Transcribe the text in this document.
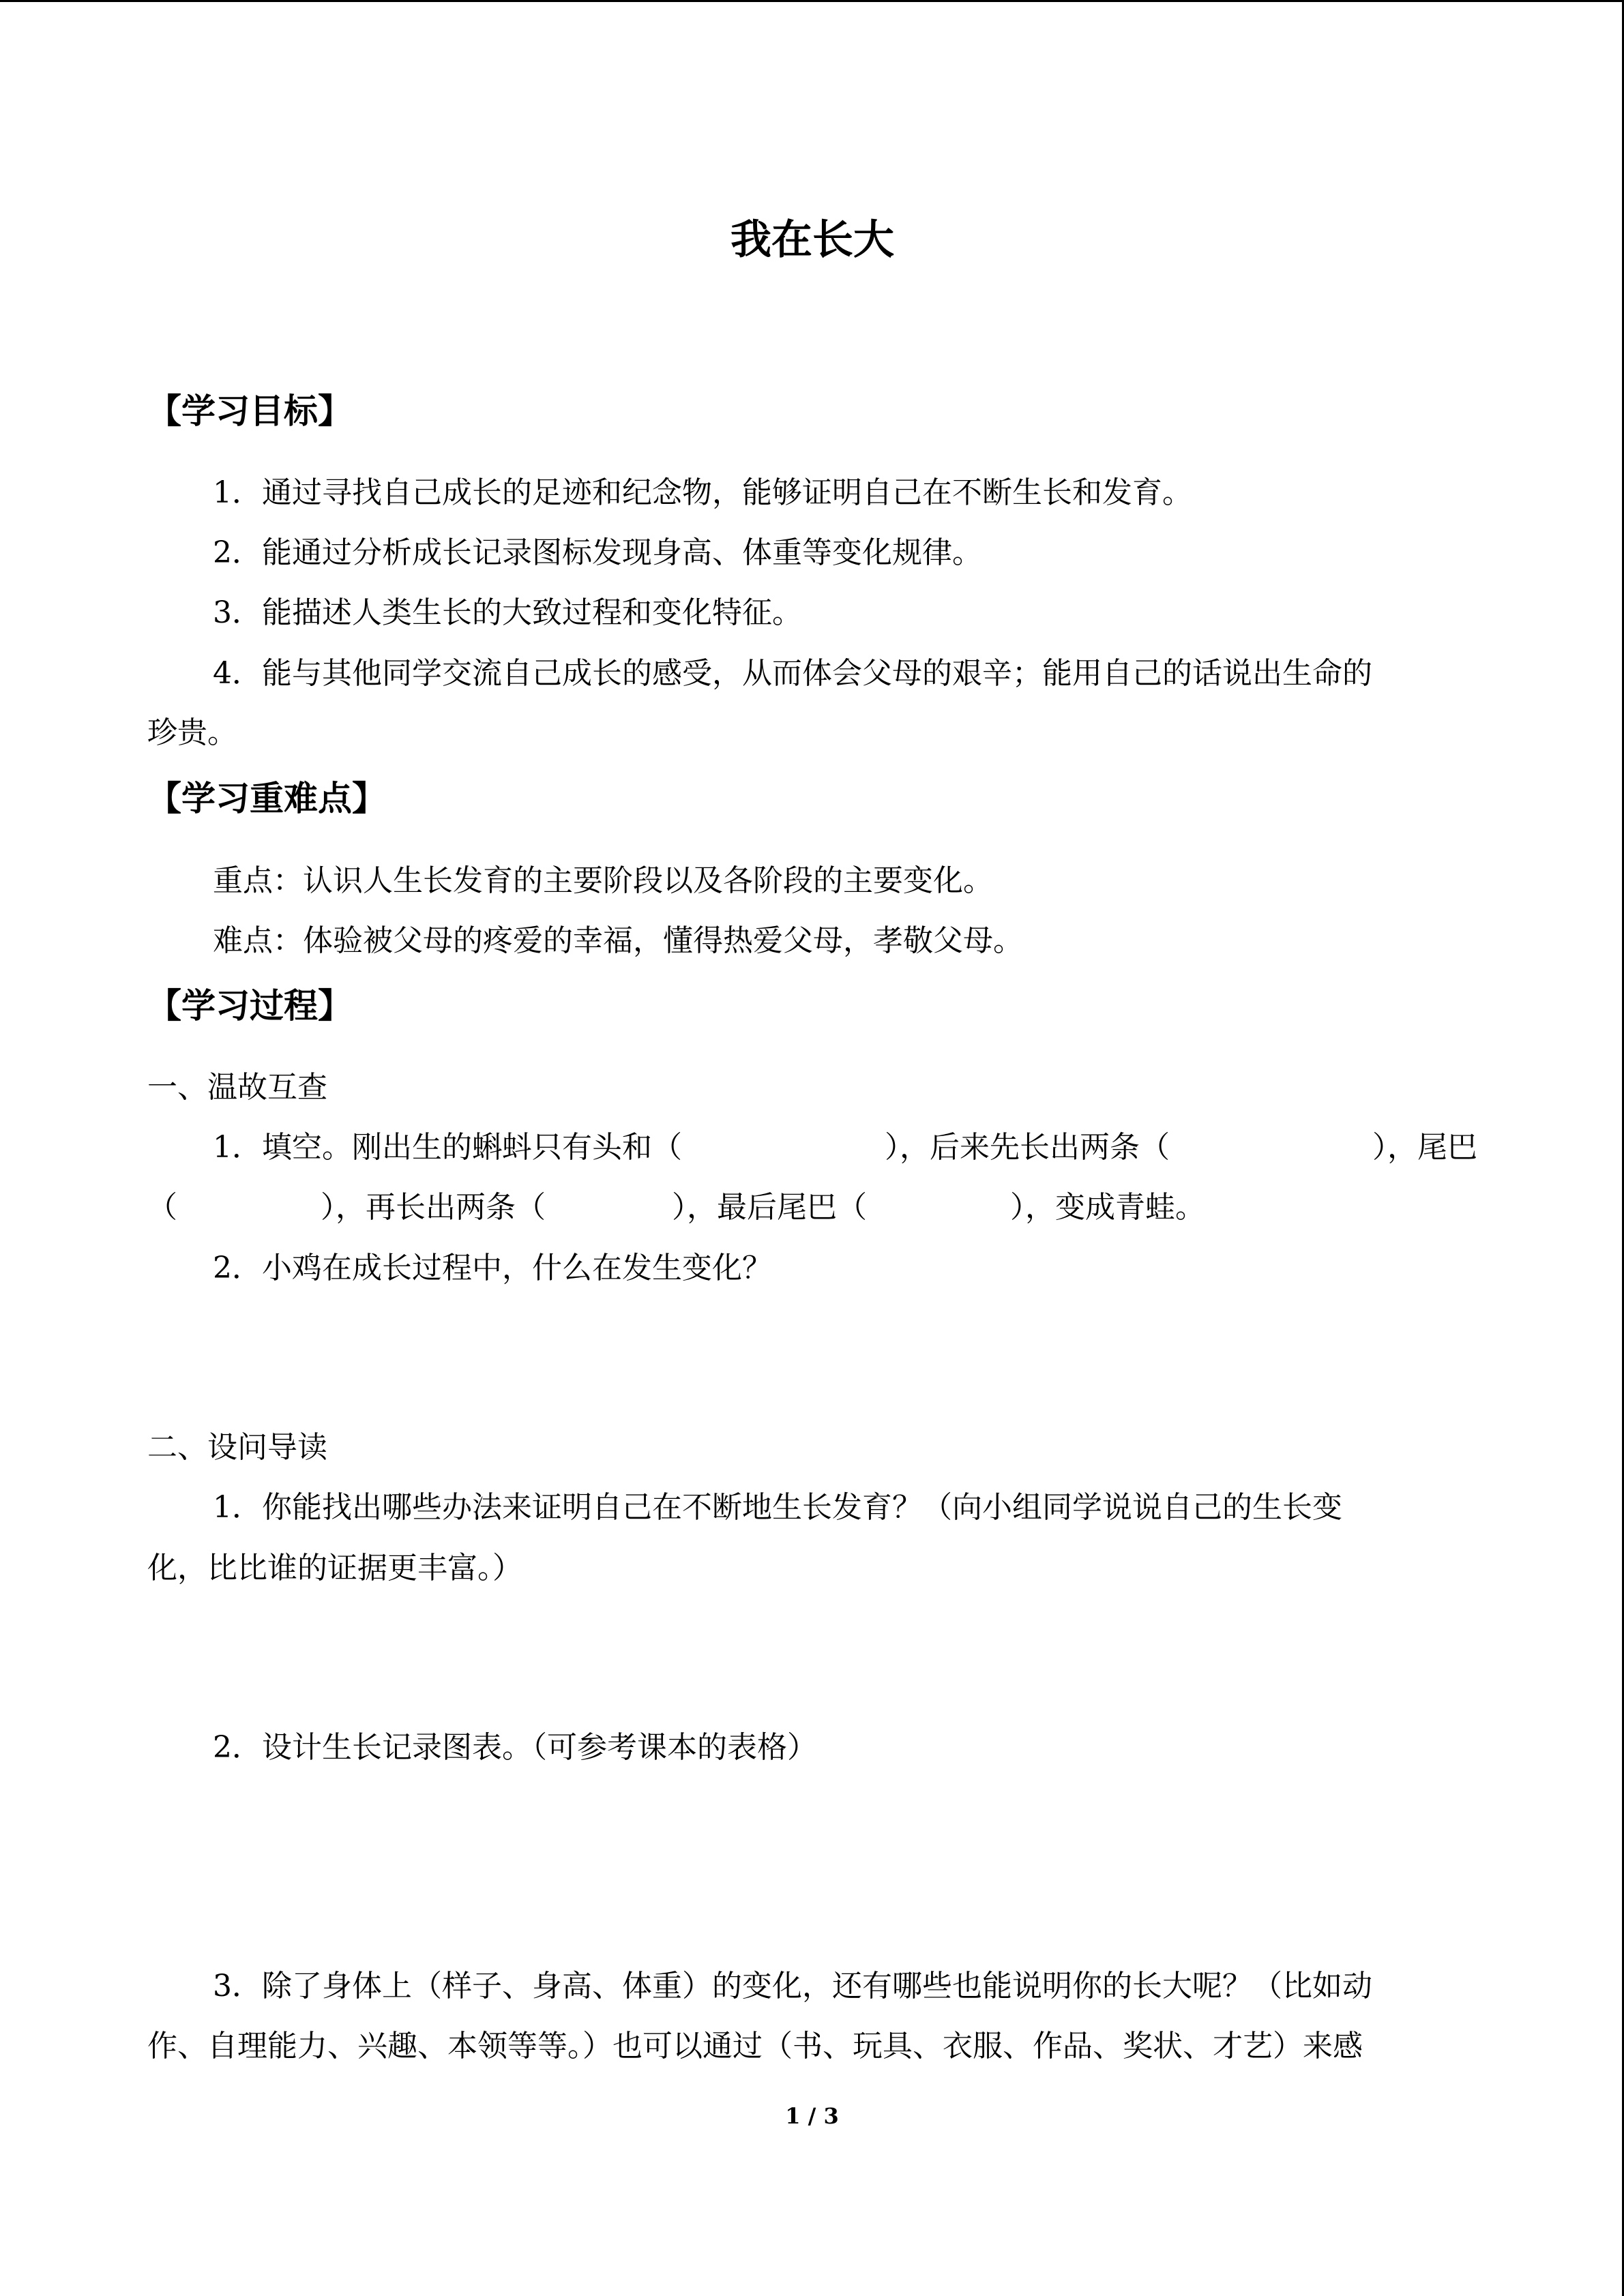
我在长大
【学习目标】
1．通过寻找自己成长的足迹和纪念物，能够证明自己在不断生长和发育。
2．能通过分析成长记录图标发现身高、体重等变化规律。
3．能描述人类生长的大致过程和变化特征。
4．能与其他同学交流自己成长的感受，从而体会父母的艰辛；能用自己的话说出生命的
珍贵。
【学习重难点】
重点：认识人生长发育的主要阶段以及各阶段的主要变化。
难点：体验被父母的疼爱的幸福，懂得热爱父母，孝敬父母。
【学习过程】
一、温故互查
1．填空。刚出生的蝌蚪只有头和（	），后来先长出两条（	），尾巴
（	），再长出两条（	），最后尾巴（	），变成青蛙。
2．小鸡在成长过程中，什么在发生变化？
二、设问导读
1．你能找出哪些办法来证明自己在不断地生长发育？（向小组同学说说自己的生长变
化，比比谁的证据更丰富。）
2．设计生长记录图表。（可参考课本的表格）
3．除了身体上（样子、身高、体重）的变化，还有哪些也能说明你的长大呢？（比如动
作、自理能力、兴趣、本领等等。）也可以通过（书、玩具、衣服、作品、奖状、才艺）来感
1 / 3
